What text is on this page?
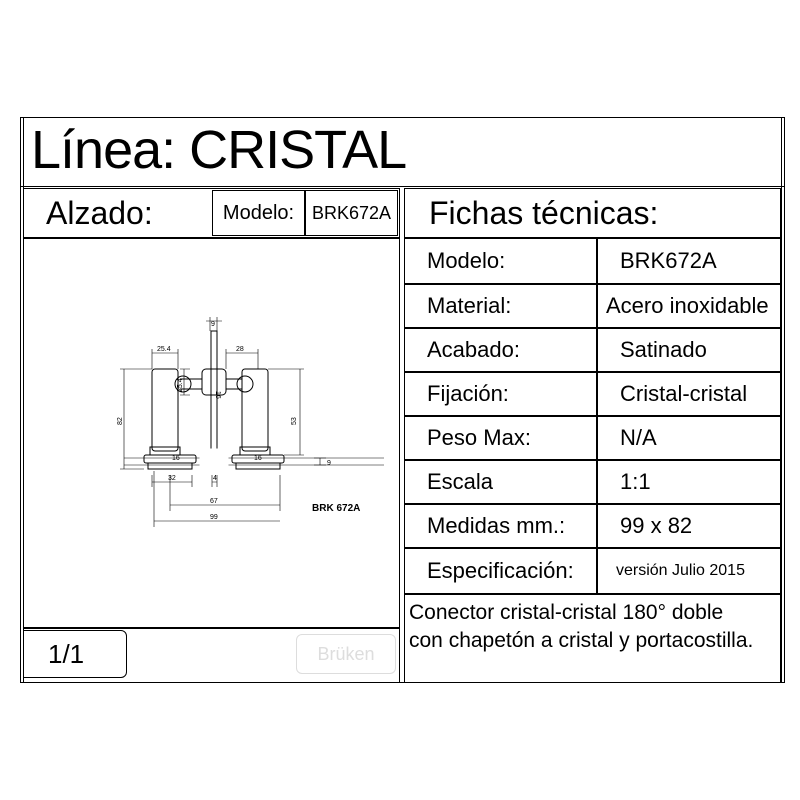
Línea: CRISTAL
Alzado:	Modelo: BRK672A
9
25.4	28
25.4
16
82	53
16	16
9
32	4
67
99
BRK 672A
1/1	Brüken
Fichas técnicas:
Modelo:	BRK672A
Material:	Acero inoxidable
Acabado:	Satinado
Fijación:	Cristal-cristal
Peso Max:	N/A
Escala	1:1
Medidas mm.: 99 x 82
Especificación:	versión Julio 2015
Conector cristal-cristal 180° doble
con chapetón a cristal y portacostilla.
